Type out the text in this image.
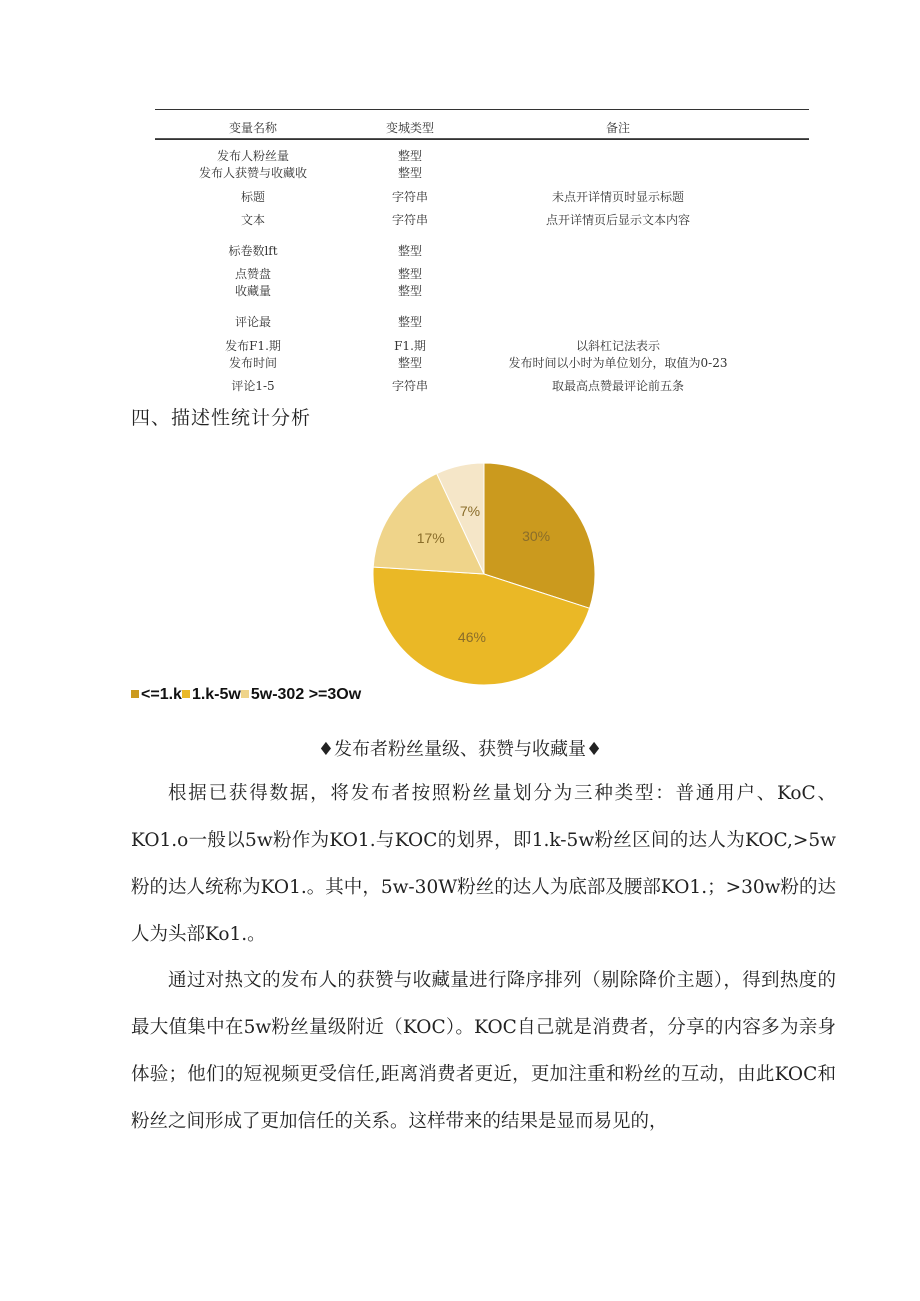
变量名称	变城类型	备注
发布人粉丝量	整型
发布人获赞与收藏收	整型
标题	字符串	未点开详情页时显示标题
文本	字符串	点开详情页后显示文本内容
标卷数lft	整型
点赞盘	整型
收藏量	整型
评论最	整型
发布F1.期	F1.期	以斜杠记法表示
发布时间	整型	发布时间以小时为单位划分，取值为0-23
评论1-5	字符串	取最高点赞最评论前五条
四、描述性统计分析
30%
46%
17%
7%
<=1.k 1.k-5w 5w-302 >=3Ow
♦发布者粉丝量级、获赞与收藏量♦

根据已获得数据，将发布者按照粉丝量划分为三种类型：普通用户、KoC、KO1.o一般以5w粉作为KO1.与KOC的划界，即1.k-5w粉丝区间的达人为KOC,>5w粉的达人统称为KO1.。其中，5w-30W粉丝的达人为底部及腰部KO1.；>30w粉的达人为头部Ko1.。

通过对热文的发布人的获赞与收藏量进行降序排列（剔除降价主题），得到热度的最大值集中在5w粉丝量级附近（KOC）。KOC自己就是消费者，分享的内容多为亲身体验；他们的短视频更受信任,距离消费者更近，更加注重和粉丝的互动，由此KOC和粉丝之间形成了更加信任的关系。这样带来的结果是显而易见的，
